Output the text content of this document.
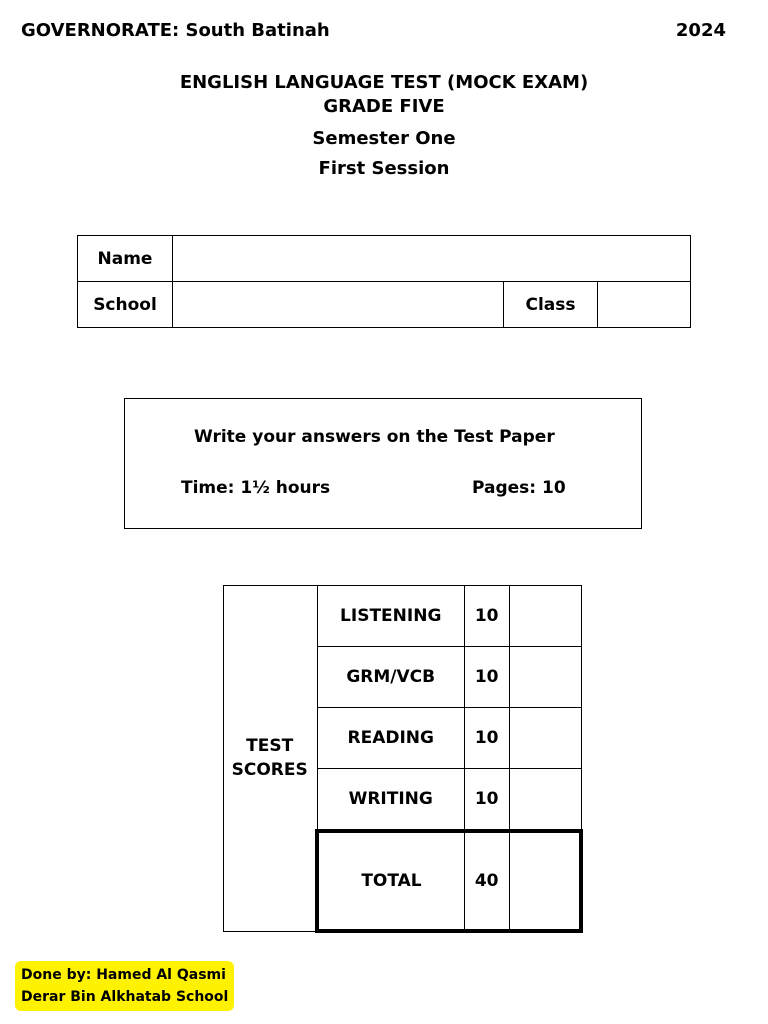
GOVERNORATE: South Batinah	2024
ENGLISH LANGUAGE TEST (MOCK EXAM)
GRADE FIVE
Semester One
First Session
Name			
School		Class	
Write your answers on the Test Paper
Time: 1½ hours	Pages: 10
TEST
SCORES	LISTENING	10	
	GRM/VCB	10	
	READING	10	
	WRITING	10	
	TOTAL	40	
Done by: Hamed Al Qasmi
Derar Bin Alkhatab School
